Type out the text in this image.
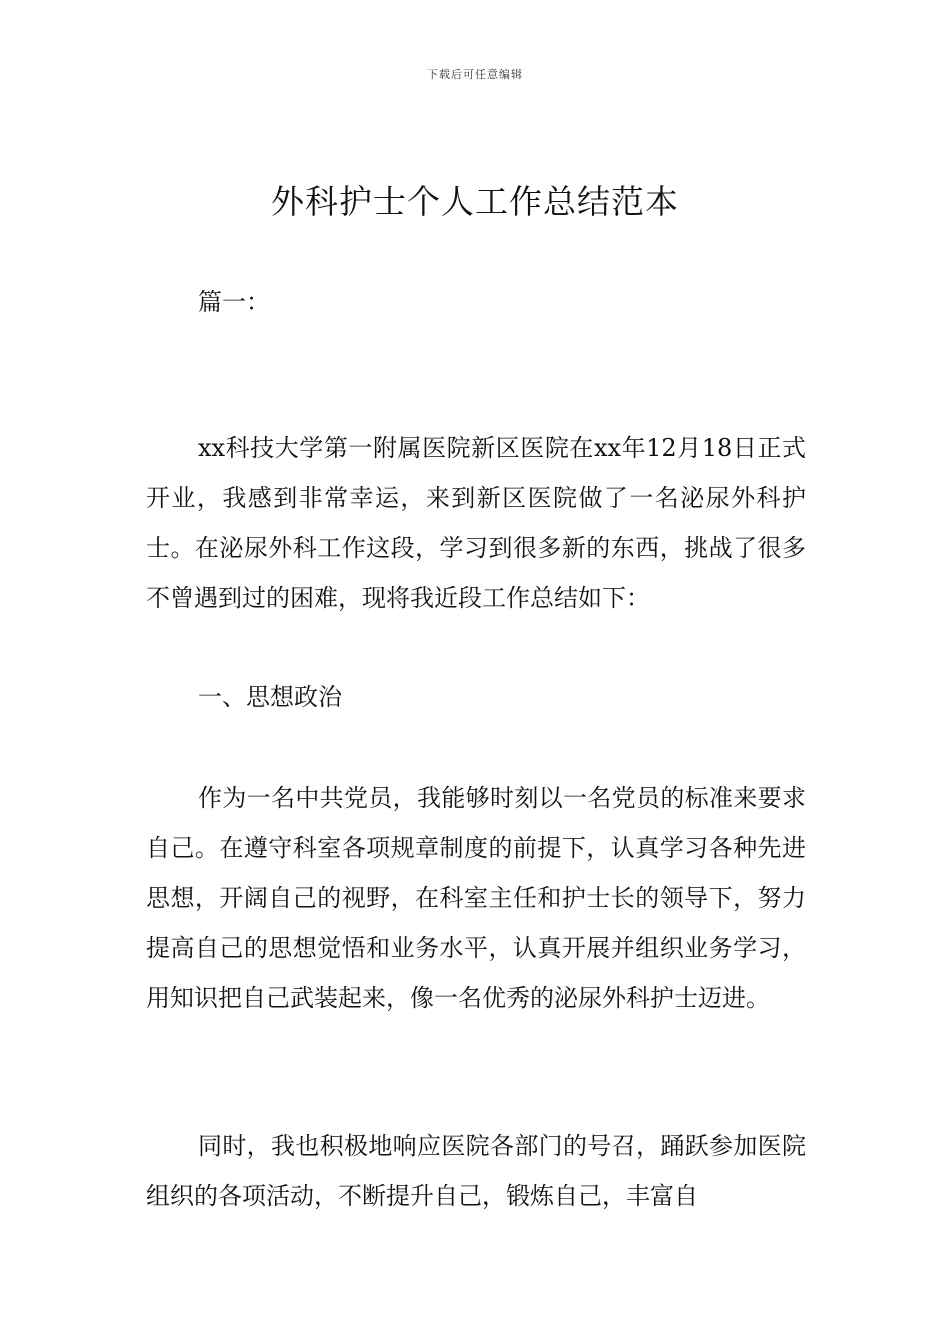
下载后可任意编辑
外科护士个人工作总结范本

篇一：

xx科技大学第一附属医院新区医院在xx年12月18日正式开业，我感到非常幸运，来到新区医院做了一名泌尿外科护士。在泌尿外科工作这段，学习到很多新的东西，挑战了很多不曾遇到过的困难，现将我近段工作总结如下：

一、思想政治

作为一名中共党员，我能够时刻以一名党员的标准来要求自己。在遵守科室各项规章制度的前提下，认真学习各种先进思想，开阔自己的视野，在科室主任和护士长的领导下，努力提高自己的思想觉悟和业务水平，认真开展并组织业务学习，用知识把自己武装起来，像一名优秀的泌尿外科护士迈进。

同时，我也积极地响应医院各部门的号召，踊跃参加医院组织的各项活动，不断提升自己，锻炼自己，丰富自
